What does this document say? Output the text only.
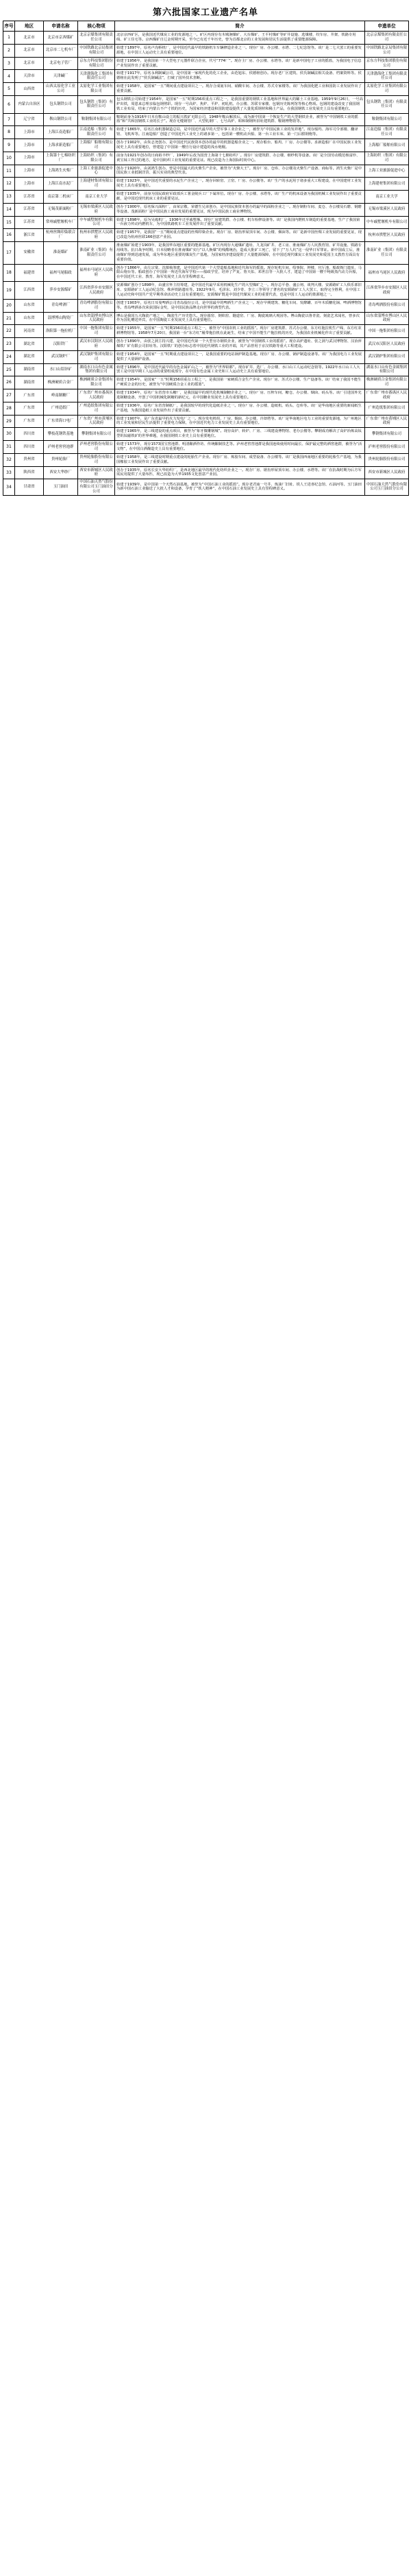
第六批国家工业遗产名单
序号	地区	申请名称	核心物项	简介	申遗单位
1	北京市	北京市京西煤矿	北京京煤集团有限责任公司	北京京西矿区，是我国近代煤炭工业的发源地之一。矿区内现存有木城涧煤矿、大台煤矿、王平村煤矿等矿井设施、选煤楼、绞车房、井架、铁路专用线、矿工住宅等。京西煤矿自辽金时期开采，至今已有近千年历史，曾为首都北京的工业发展和居民生活提供了重要能源保障。	北京京煤集团有限责任公司
2	北京市	北京市二七机车厂	中国铁路北京局集团有限公司	始建于1897年，原名卢沟桥机厂，是中国近代最早的铁路机车车辆修造企业之一。现存厂房、办公楼、水塔、二七纪念馆等。该厂是二七大罢工的重要发源地，在中国工人运动史上具有重要地位。	中国铁路北京局集团有限公司
3	北京市	北京电子管厂	京东方科技集团股份有限公司	始建于1956年，是我国第一个大型电子元器件联合企业，代号“774厂”。现存主厂房、办公楼、水塔等。该厂是新中国电子工业的摇篮，为我国电子信息产业发展作出了重要贡献。	京东方科技集团股份有限公司
4	天津市	天津碱厂	天津渤海化工集团有限责任公司	始建于1917年，原名永利制碱公司，是中国第一家现代化的化工企业，由范旭东、侯德榜创办。现存老厂区建筑、侯氏制碱法相关设备、档案资料等。侯德榜在此发明了“侯氏制碱法”，打破了国外技术垄断。	天津渤海化工集团有限责任公司
5	山西省	山西太原化学工业公司	太原化学工业集团有限公司	始建于1958年，是国家“一五”期间重点建设项目之一。现存合成氨车间、硝酸车间、办公楼、苏式专家楼等。该厂为我国化肥工业和国防工业发展作出了重要贡献。	太原化学工业集团有限公司
6	内蒙古自治区	包头钢铁公司	包头钢铁（集团）有限责任公司	包头钢铁公司始建于1954年，是国家“一五”时期156项重点工程之一，是我国重要的钢铁工业基地和世界最大的稀土工业基地。1959年9月26日，一号高炉出铁，周恩来总理亲临包钢剪彩。现存一号高炉、焦炉、平炉、初轧机、办公楼、苏联专家楼、包钢历史陈列馆等核心物项。包钢的建设改变了我国钢铁工业布局，结束了内蒙古不产寸铁的历史，为国家经济建设和国防建设提供了大量优质钢材和稀土产品，在我国钢铁工业发展史上具有重要地位。	包头钢铁（集团）有限责任公司
7	辽宁省	鞍山钢铁公司	鞍钢集团有限公司	鞍钢前身为1916年日本在鞍山设立的振兴铁矿无限公司，1948年鞍山解放后，成为新中国第一个恢复生产的大型钢铁企业，被誉为“中国钢铁工业的摇篮”和“共和国钢铁工业的长子”。现存无缝钢管厂、大型轧钢厂、七号高炉、昭和制钢所旧址建筑群、鞍钢博物馆等。	鞍钢集团有限公司
8	上海市	上海江南造船厂	江南造船（集团）有限责任公司	始建于1865年，原名江南机器制造总局，是中国近代最早的大型军事工业企业之一，被誉为“中国民族工业的发祥地”。现存船坞、海军司令部楼、翻译馆、飞机库等。江南造船厂创造了中国近代工业史上的诸多第一，包括第一艘机动兵船、第一台工业车床、第一门后膛钢炮等。	江南造船（集团）有限责任公司
9	上海市	上海求新造船厂	上海船厂船舶有限公司	创办于1902年，由朱志尧创办，是中国近代民族资本创办的最早的机器造船企业之一。现存船台、船坞、厂房、办公楼等。求新造船厂在中国民族工业发展史上具有重要地位，曾建造了中国第一艘自行设计建造的浅水炮舰。	上海船厂船舶有限公司
10	上海市	上海第十七棉纺织厂	上海纺织（集团）有限公司	前身为1921年创办的日商裕丰纱厂，1949年后改为国营上海第十七棉纺织厂。现存厂房建筑群、办公楼、细纱机等设备。该厂是全国劳动模范杨富珍、黄宝妹工作过的地方，是中国纺织工业发展的重要见证。现已改造为上海国际时尚中心。	上海纺织（集团）有限公司
11	上海市	上海鸿生火柴厂	上海工业旅游促进中心	创办于1920年，由刘鸿生创办，曾是中国最大的火柴生产企业，被誉为“火柴大王”。现存厂房、仓库、办公楼及火柴生产设备、商标等。鸿生火柴厂是中国民族工业抵制洋货、振兴实业的典型代表。	上海工业旅游促进中心
12	上海市	上海江南水泥厂	上海建材集团有限公司	始建于1923年，是中国近代重要的水泥生产企业之一。现存回转窑、立窑、厂房、办公楼等。该厂生产的水泥用于诸多重大工程建设，在中国建材工业发展史上具有重要地位。	上海建材集团有限公司
13	江苏省	南京第二机床厂	南京工业大学	始建于1935年，前身为国民政府军政部兵工署金陵兵工厂下属单位。现存厂房、办公楼、水塔等。该厂生产的机床设备为我国机械工业发展作出了重要贡献，是中国近现代机床工业的重要见证。	南京工业大学
14	江苏省	无锡茂新面粉厂	无锡市梁溪区人民政府	创办于1900年，原名保兴面粉厂，由荣宗敬、荣德生兄弟创办，是中国民族资本创办的最早的面粉企业之一。现存制粉车间、麦仓、办公楼及石磨、钢磨等设备。茂新面粉厂是中国民族工商业发展的重要见证，现为中国民族工商业博物馆。	无锡市梁溪区人民政府
15	江苏省	常州戚墅堰机车厂	中车戚墅堰机车有限公司	始建于1898年，原为吴淞机厂，1936年迁至戚墅堰。现存厂房建筑群、办公楼、机车检修设备等。该厂是我国内燃机车制造的重要基地，生产了我国第一台液力传动内燃机车，为中国铁路机车工业发展作出了重要贡献。	中车戚墅堰机车有限公司
16	浙江省	杭州丝绸印染联合厂	杭州市拱墅区人民政府	始建于1957年，是我国“一五”期间重点建设的丝绸印染企业。现存厂房、锯齿形屋顶车间、办公楼、烟囱等。该厂是新中国丝绸工业发展的重要见证，现已改造为杭州丝联166创意产业园。	杭州市拱墅区人民政府
17	安徽省	淮南煤矿	淮南矿业（集团）有限责任公司	淮南煤矿始建于1903年，是我国华东地区重要的能源基地。矿区内现存大通煤矿遗址、九龙岗矿井、老工房、淮南煤矿万人坑教育馆、矿井设施、铁路专用线等。抗日战争时期，日本侵略者在淮南煤矿实行“以人换煤”的残酷统治，造成大批矿工死亡，留下了“万人坑”这一侵华日军罪证。新中国成立后，淮南煤矿得到迅速发展，成为华东地区重要的煤炭生产基地，为国家经济建设提供了大量能源保障，在中国近现代煤炭工业发展史和爱国主义教育方面具有重要价值。	淮南矿业（集团）有限责任公司
18	福建省	福州马尾船政	福州市马尾区人民政府	创办于1866年，由左宗棠、沈葆桢筹建，是中国近代第一个大型造船基地和近代海军的摇篮。现存轮机车间、绘事院、钟楼、官厅池、船政衙门遗址、马限山炮台等。船政创办了中国第一所近代海军学校——船政学堂，培养了严复、詹天佑、邓世昌等一大批人才，建造了中国第一艘千吨级蒸汽动力兵船，在中国近代工业、教育、海军发展史上具有里程碑意义。	福州市马尾区人民政府
19	江西省	萍乡安源煤矿	江西省萍乡市安源区人民政府	安源煤矿创办于1898年，由盛宣怀主持筹建，是中国近代最早采用机械化生产的大型煤矿之一。现存总平巷、盛公祠、谈判大楼、安源路矿工人俱乐部旧址、安源路矿工人运动纪念馆、株萍铁路遗址等。1922年9月，毛泽东、刘少奇、李立三等领导了著名的安源路矿工人大罢工，取得完全胜利，在中国工人运动史和中国共产党早期革命活动史上具有重要地位。安源煤矿既是中国近代煤炭工业的重要代表，也是中国工人运动的策源地之一。	江西省萍乡市安源区人民政府
20	山东省	青岛啤酒厂	青岛啤酒股份有限公司	创建于1903年，原名日耳曼啤酒公司青岛股份公司，是中国最早的啤酒生产企业之一。现存早期建筑、糖化车间、发酵罐、百年木质糖化锅、啤酒博物馆等。青岛啤酒多次荣获国际金奖，是中国民族品牌走向世界的典型代表。	青岛啤酒股份有限公司
21	山东省	淄博博山陶瓷厂	山东省淄博市博山区人民政府	博山是我国五大陶瓷产地之一，陶瓷生产历史悠久。现存圆窑、倒焰窑、隧道窑、厂房、陶瓷琉璃大观园等。博山陶瓷以鲁青瓷、刻瓷艺术闻名，曾多次作为国礼赠送外宾，在中国陶瓷工业发展史上具有重要地位。	山东省淄博市博山区人民政府
22	河南省	洛阳第一拖拉机厂	中国一拖集团有限公司	始建于1955年，是国家“一五”时期156项重点工程之一，被誉为“中国农机工业的摇篮”。现存厂房建筑群、苏式办公楼、东方红拖拉机生产线、东方红农耕博物馆等。1958年7月20日，我国第一台“东方红”履带拖拉机在此诞生，结束了中国不能生产拖拉机的历史，为我国农业机械化作出了重要贡献。	中国一拖集团有限公司
23	湖北省	汉阳铁厂	武汉市汉阳区人民政府	创办于1890年，由张之洞主持兴建，是中国近代第一个大型官办钢铁企业，被誉为“中国钢铁工业的摇篮”。现存高炉遗址、张之洞与武汉博物馆、汉冶萍煤铁厂矿有限公司旧址等。汉阳铁厂的创办标志着中国近代钢铁工业的开端，其产品曾用于京汉铁路等重大工程建设。	武汉市汉阳区人民政府
24	湖北省	武汉锅炉厂	武汉锅炉集团有限公司	始建于1954年，是国家“一五”时期重点建设项目之一，是我国重要的电站锅炉制造基地。现存厂房、办公楼、锅炉制造设备等。该厂为我国电力工业发展提供了大量锅炉设备。	武汉锅炉集团有限公司
25	湖南省	水口山铅锌矿	湖南水口山有色金属集团有限公司	始建于1896年，是中国近代最早的有色金属矿山之一，被誉为“世界铅都”。现存矿井、选厂、办公楼、水口山工人运动纪念馆等。1922年水口山工人大罢工是中国早期工人运动的重要组成部分，在中国有色金属工业史和工人运动史上具有重要地位。	湖南水口山有色金属集团有限公司
26	湖南省	株洲硬质合金厂	株洲硬质合金集团有限公司	始建于1954年，是国家“一五”时期156项重点工程之一，是我国第一家硬质合金生产企业。现存厂房、苏式办公楼、生产设备等。该厂结束了我国不能生产硬质合金的历史，被誉为“中国硬质合金工业的摇篮”。	株洲硬质合金集团有限公司
27	广东省	岭南制糖厂	广东省广州市番禺区人民政府	始建于1934年，原名广东省营市头糖厂，是我国最早的现代化机械制糖企业之一。现存厂房、压榨车间、糖仓、办公楼、烟囱、码头等。该厂引进国外先进制糖设备，开创了中国机械化制糖的新纪元，在中国糖业发展史上具有重要地位。	广东省广州市番禺区人民政府
28	广东省	广州造纸厂	广州造纸集团有限公司	始建于1936年，原名广东省营制纸厂，是我国较早的现代化造纸企业之一。现存厂房、办公楼、造纸机、码头、仓库等。该厂是华南地区重要的新闻纸生产基地，为我国造纸工业发展作出了重要贡献。	广州造纸集团有限公司
29	广东省	广东省海口电厂	广东省广州市黄埔区人民政府	始建于1907年，是广东省最早的火力发电厂之一。现存发电机组、厂房、烟囱、办公楼、冷却塔等。该厂是华南地区电力工业的重要发源地，为广州地区的工业发展和居民生活提供了重要电力保障，在中国近代电力工业发展史上具有重要地位。	广东省广州市黄埔区人民政府
30	四川省	攀枝花钢铁基地	攀钢集团有限公司	始建于1965年，是三线建设的重点项目，被誉为“象牙微雕钢城”。现存高炉、转炉、厂房、三线建设博物馆、老办公楼等。攀钢成功解决了高炉冶炼高钛型钒钛磁铁矿的世界难题，在我国钢铁工业史上具有重要地位。	攀钢集团有限公司
31	四川省	泸州老窖窖池群	泸州老窖股份有限公司	始建于1573年，现存1573国宝窖池群、明清酿酒作坊、传统酿制技艺等。泸州老窖窖池群是我国连续使用时间最长、保护最完整的酒窖池群，被誉为“活文物”，在中国白酒酿造史上具有重要地位。	泸州老窖股份有限公司
32	贵州省	贵州轮胎厂	贵州轮胎股份有限公司	始建于1958年，是三线建设时期重点建设的轮胎生产企业。现存厂房、炼胶车间、成型设备、办公楼等。该厂是我国西南地区重要的轮胎生产基地，为我国橡胶工业发展作出了重要贡献。	贵州轮胎股份有限公司
33	陕西省	西安大华纱厂	西安市新城区人民政府	创办于1935年，原名长安大华纺织厂，是西北地区最早的现代化纺织企业之一。现存厂房、锯齿形屋顶车间、办公楼、水塔等。该厂在抗战时期为后方军需民用提供了大量布匹，现已改造为大华1935文化创意产业园。	西安市新城区人民政府
34	甘肃省	玉门油田	中国石油天然气股份有限公司玉门油田分公司	始建于1939年，是中国第一个天然石油基地，被誉为“中国石油工业的摇篮”。现存老君庙一号井、炼油厂旧址、铁人王进喜纪念馆、石油河等。玉门油田为新中国石油工业输送了大批人才和设备，孕育了“铁人精神”，在中国石油工业发展史上具有里程碑意义。	中国石油天然气股份有限公司玉门油田分公司
